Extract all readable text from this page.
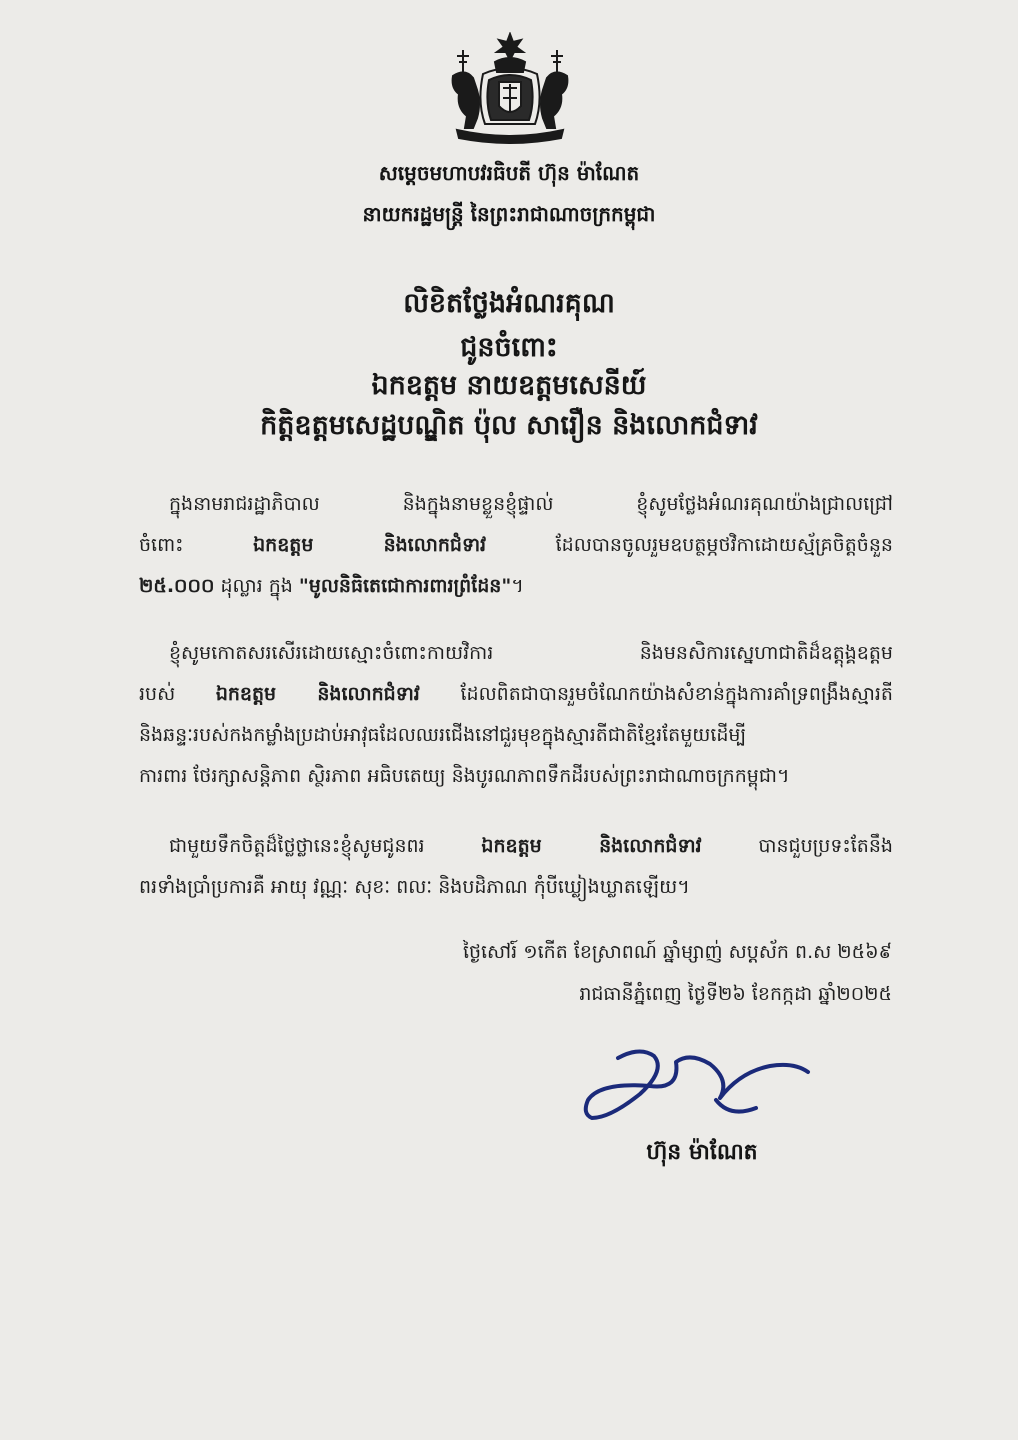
សម្តេចមហាបវរធិបតី ហ៊ុន ម៉ាណែត
នាយករដ្ឋមន្ត្រី នៃព្រះរាជាណាចក្រកម្ពុជា
លិខិតថ្លែងអំណរគុណ
ជូនចំពោះ
ឯកឧត្តម នាយឧត្តមសេនីយ៍
កិត្តិឧត្តមសេដ្ឋបណ្ឌិត ប៉ុល សារឿន និងលោកជំទាវ
ក្នុងនាមរាជរដ្ឋាភិបាល និងក្នុងនាមខ្លួនខ្ញុំផ្ទាល់ ខ្ញុំសូមថ្លែងអំណរគុណយ៉ាងជ្រាលជ្រៅ
ចំពោះ ឯកឧត្តម និងលោកជំទាវ ដែលបានចូលរួមឧបត្ថម្ភថវិកាដោយស្ម័គ្រចិត្តចំនួន
២៥.០០០ ដុល្លារ ក្នុង "មូលនិធិតេជោការពារព្រំដែន"។
ខ្ញុំសូមកោតសរសើរដោយស្មោះចំពោះកាយវិការ និងមនសិការស្នេហាជាតិដ៏ឧត្តុង្គឧត្តម
របស់ ឯកឧត្តម និងលោកជំទាវ ដែលពិតជាបានរួមចំណែកយ៉ាងសំខាន់ក្នុងការគាំទ្រពង្រឹងស្មារតី
និងឆន្ទៈរបស់កងកម្លាំងប្រដាប់អាវុធដែលឈរជើងនៅជួរមុខក្នុងស្មារតីជាតិខ្មែរតែមួយដើម្បី
ការពារ ថែរក្សាសន្តិភាព ស្ថិរភាព អធិបតេយ្យ និងបូរណភាពទឹកដីរបស់ព្រះរាជាណាចក្រកម្ពុជា។
ជាមួយទឹកចិត្តដ៏ថ្លៃថ្លានេះខ្ញុំសូមជូនពរ ឯកឧត្តម និងលោកជំទាវ បានជួបប្រទះតែនឹង
ពរទាំងប្រាំប្រការគឺ អាយុ វណ្ណៈ សុខៈ ពលៈ និងបដិភាណ កុំបីឃ្លៀងឃ្លាតឡើយ។
ថ្ងៃសៅរ៍ ១កើត ខែស្រាពណ៍ ឆ្នាំម្សាញ់ សប្តស័ក ព.ស ២៥៦៩
រាជធានីភ្នំពេញ ថ្ងៃទី២៦ ខែកក្កដា ឆ្នាំ២០២៥
ហ៊ុន ម៉ាណែត
